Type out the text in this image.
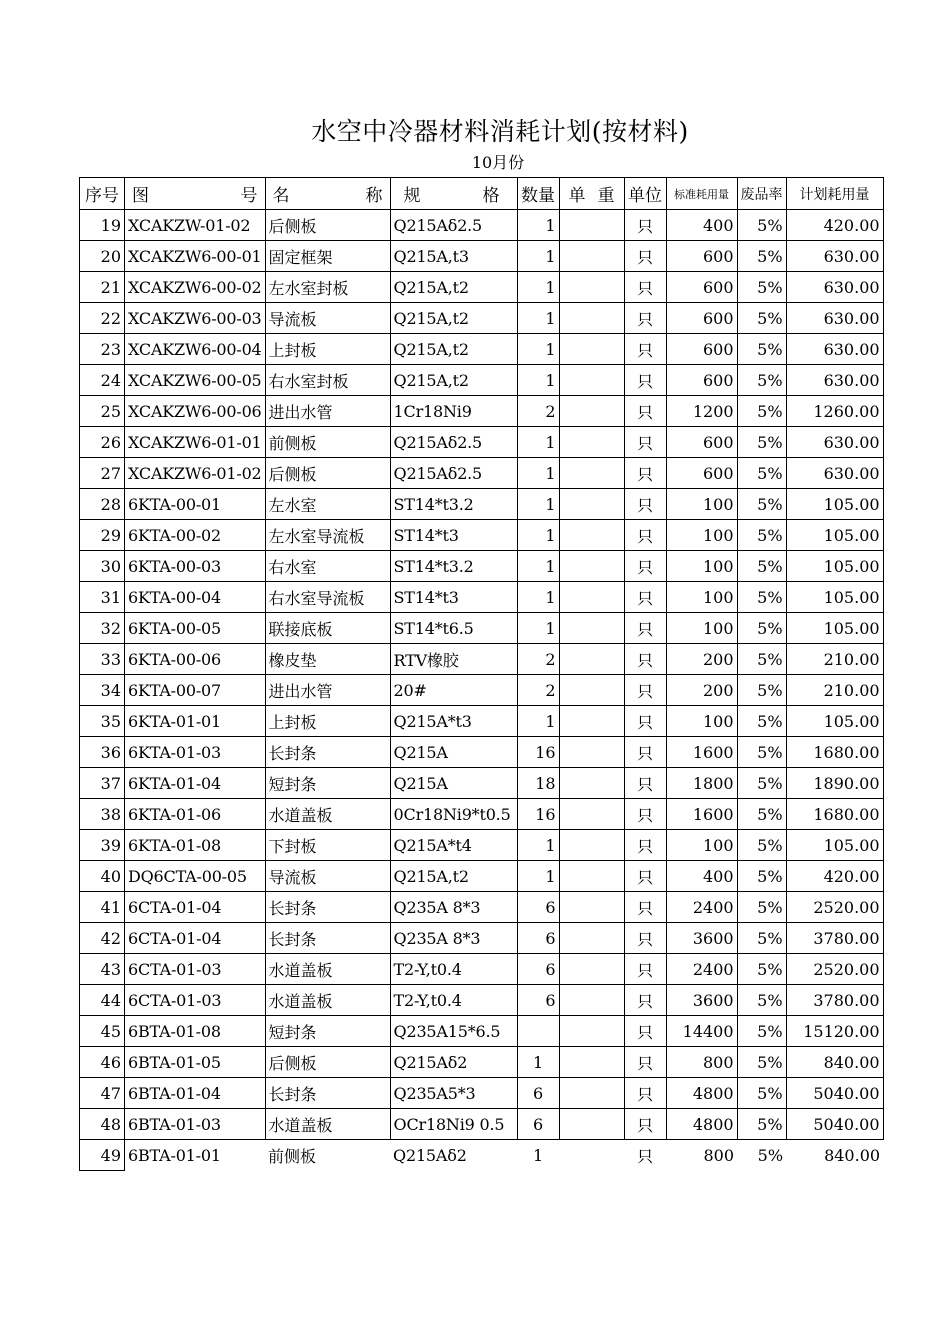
水空中冷器材料消耗计划(按材料)
10月份
序号	图 号	名 称	规 格	数量	单 重	单位	标准耗用量	废品率	计划耗用量
19	XCAKZW-01-02	后侧板	Q215Aδ2.5	1		只	400	5%	420.00
20	XCAKZW6-00-01	固定框架	Q215A,t3	1		只	600	5%	630.00
21	XCAKZW6-00-02	左水室封板	Q215A,t2	1		只	600	5%	630.00
22	XCAKZW6-00-03	导流板	Q215A,t2	1		只	600	5%	630.00
23	XCAKZW6-00-04	上封板	Q215A,t2	1		只	600	5%	630.00
24	XCAKZW6-00-05	右水室封板	Q215A,t2	1		只	600	5%	630.00
25	XCAKZW6-00-06	进出水管	1Cr18Ni9	2		只	1200	5%	1260.00
26	XCAKZW6-01-01	前侧板	Q215Aδ2.5	1		只	600	5%	630.00
27	XCAKZW6-01-02	后侧板	Q215Aδ2.5	1		只	600	5%	630.00
28	6KTA-00-01	左水室	ST14*t3.2	1		只	100	5%	105.00
29	6KTA-00-02	左水室导流板	ST14*t3	1		只	100	5%	105.00
30	6KTA-00-03	右水室	ST14*t3.2	1		只	100	5%	105.00
31	6KTA-00-04	右水室导流板	ST14*t3	1		只	100	5%	105.00
32	6KTA-00-05	联接底板	ST14*t6.5	1		只	100	5%	105.00
33	6KTA-00-06	橡皮垫	RTV橡胶	2		只	200	5%	210.00
34	6KTA-00-07	进出水管	20#	2		只	200	5%	210.00
35	6KTA-01-01	上封板	Q215A*t3	1		只	100	5%	105.00
36	6KTA-01-03	长封条	Q215A	16		只	1600	5%	1680.00
37	6KTA-01-04	短封条	Q215A	18		只	1800	5%	1890.00
38	6KTA-01-06	水道盖板	0Cr18Ni9*t0.5	16		只	1600	5%	1680.00
39	6KTA-01-08	下封板	Q215A*t4	1		只	100	5%	105.00
40	DQ6CTA-00-05	导流板	Q215A,t2	1		只	400	5%	420.00
41	6CTA-01-04	长封条	Q235A 8*3	6		只	2400	5%	2520.00
42	6CTA-01-04	长封条	Q235A 8*3	6		只	3600	5%	3780.00
43	6CTA-01-03	水道盖板	T2-Y,t0.4	6		只	2400	5%	2520.00
44	6CTA-01-03	水道盖板	T2-Y,t0.4	6		只	3600	5%	3780.00
45	6BTA-01-08	短封条	Q235A15*6.5			只	14400	5%	15120.00
46	6BTA-01-05	后侧板	Q215Aδ2	1		只	800	5%	840.00
47	6BTA-01-04	长封条	Q235A5*3	6		只	4800	5%	5040.00
48	6BTA-01-03	水道盖板	OCr18Ni9 0.5	6		只	4800	5%	5040.00
49	6BTA-01-01	前侧板	Q215Aδ2	1		只	800	5%	840.00
